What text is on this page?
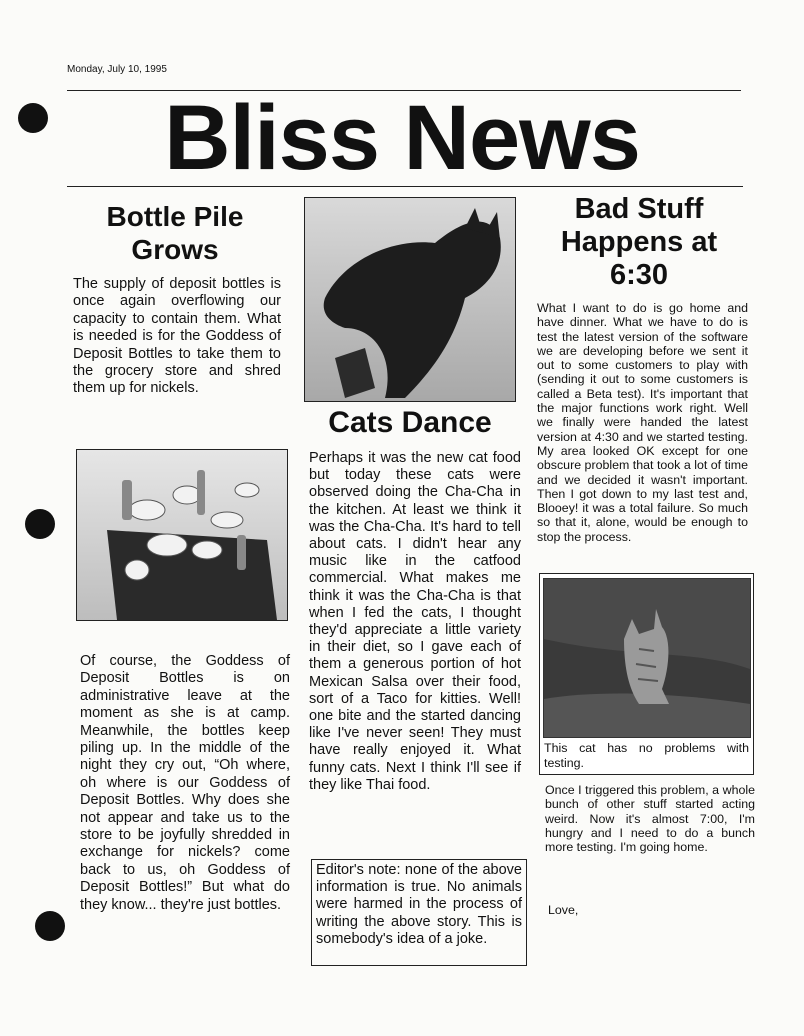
Monday, July 10, 1995
Bliss News
Bottle Pile Grows

The supply of deposit bottles is once again overflowing our capacity to contain them. What is needed is for the Goddess of Deposit Bottles to take them to the grocery store and shred them up for nickels.

Of course, the Goddess of Deposit Bottles is on administrative leave at the moment as she is at camp. Meanwhile, the bottles keep piling up. In the middle of the night they cry out, “Oh where, oh where is our Goddess of Deposit Bottles. Why does she not appear and take us to the store to be joyfully shredded in exchange for nickels? come back to us, oh Goddess of Deposit Bottles!” But what do they know... they're just bottles.

Cats Dance

Perhaps it was the new cat food but today these cats were observed doing the Cha-Cha in the kitchen. At least we think it was the Cha-Cha. It's hard to tell about cats. I didn't hear any music like in the catfood commercial. What makes me think it was the Cha-Cha is that when I fed the cats, I thought they'd appreciate a little variety in their diet, so I gave each of them a generous portion of hot Mexican Salsa over their food, sort of a Taco for kitties. Well! one bite and the started dancing like I've never seen! They must have really enjoyed it. What funny cats. Next I think I'll see if they like Thai food.

Editor's note: none of the above information is true. No animals were harmed in the process of writing the above story. This is somebody's idea of a joke.
Bad Stuff Happens at 6:30

What I want to do is go home and have dinner. What we have to do is test the latest version of the software we are developing before we sent it out to some customers to play with (sending it out to some customers is called a Beta test). It's important that the major functions work right. Well we finally were handed the latest version at 4:30 and we started testing. My area looked OK except for one obscure problem that took a lot of time and we decided it wasn't important. Then I got down to my last test and, Blooey! it was a total failure. So much so that it, alone, would be enough to stop the process.

This cat has no problems with testing.

Once I triggered this problem, a whole bunch of other stuff started acting weird. Now it's almost 7:00, I'm hungry and I need to do a bunch more testing. I'm going home.

Love,
